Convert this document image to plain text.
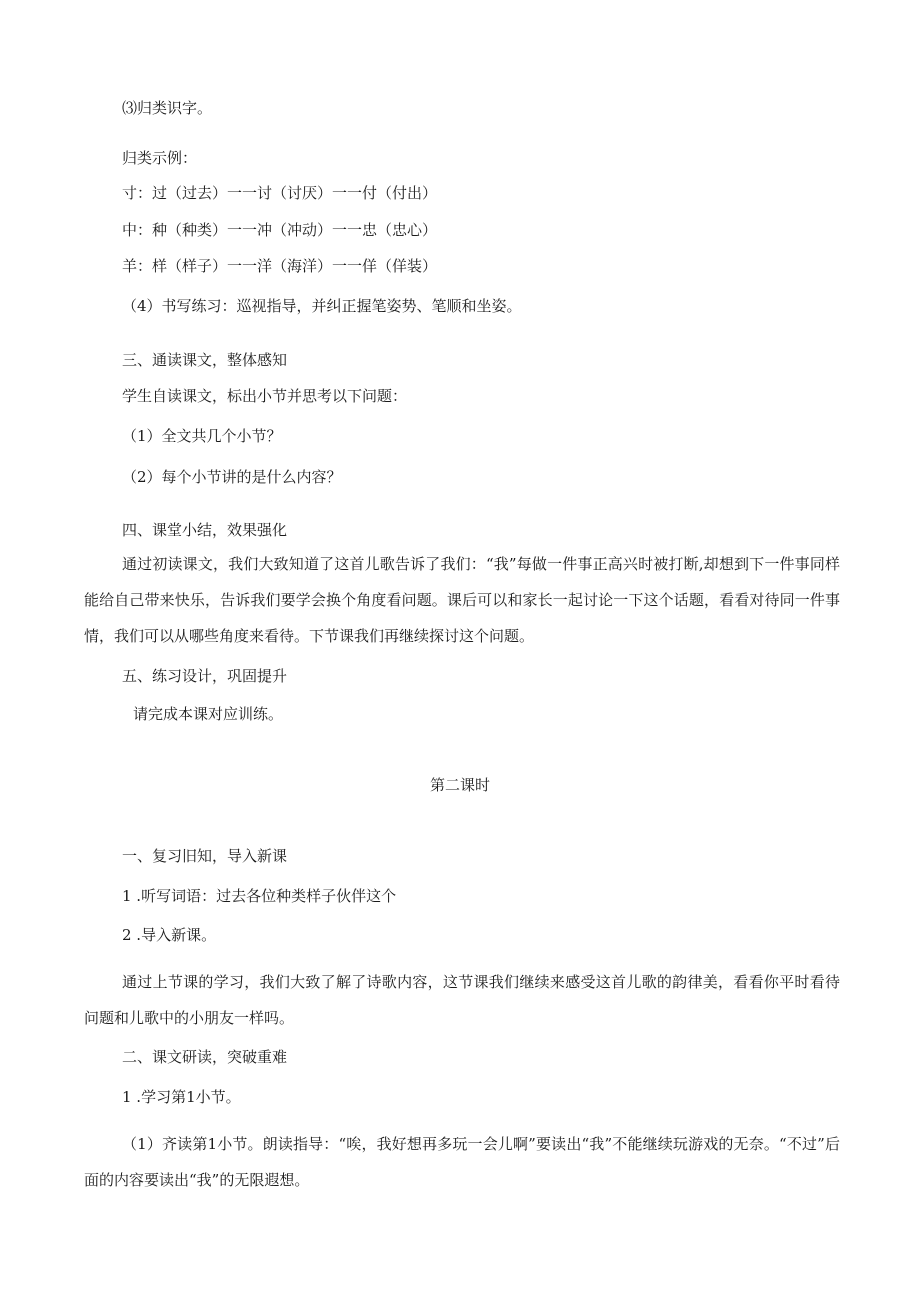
⑶归类识字。

归类示例：

寸：过（过去）一一讨（讨厌）一一付（付出）

中：种（种类）一一冲（冲动）一一忠（忠心）

羊：样（样子）一一洋（海洋）一一佯（佯装）

（4）书写练习：巡视指导，并纠正握笔姿势、笔顺和坐姿。

三、通读课文，整体感知

学生自读课文，标出小节并思考以下问题：

（1）全文共几个小节？

（2）每个小节讲的是什么内容？

四、课堂小结，效果强化

通过初读课文，我们大致知道了这首儿歌告诉了我们：“我”每做一件事正高兴时被打断,却想到下一件事同样能给自己带来快乐，告诉我们要学会换个角度看问题。课后可以和家长一起讨论一下这个话题，看看对待同一件事情，我们可以从哪些角度来看待。下节课我们再继续探讨这个问题。

五、练习设计，巩固提升

请完成本课对应训练。

第二课时

一、复习旧知，导入新课

1 .听写词语：过去各位种类样子伙伴这个

2 .导入新课。

通过上节课的学习，我们大致了解了诗歌内容，这节课我们继续来感受这首儿歌的韵律美，看看你平时看待问题和儿歌中的小朋友一样吗。

二、课文研读，突破重难

1 .学习第1小节。

（1）齐读第1小节。朗读指导：“唉，我好想再多玩一会儿啊”要读出“我”不能继续玩游戏的无奈。“不过”后面的内容要读出“我”的无限遐想。
